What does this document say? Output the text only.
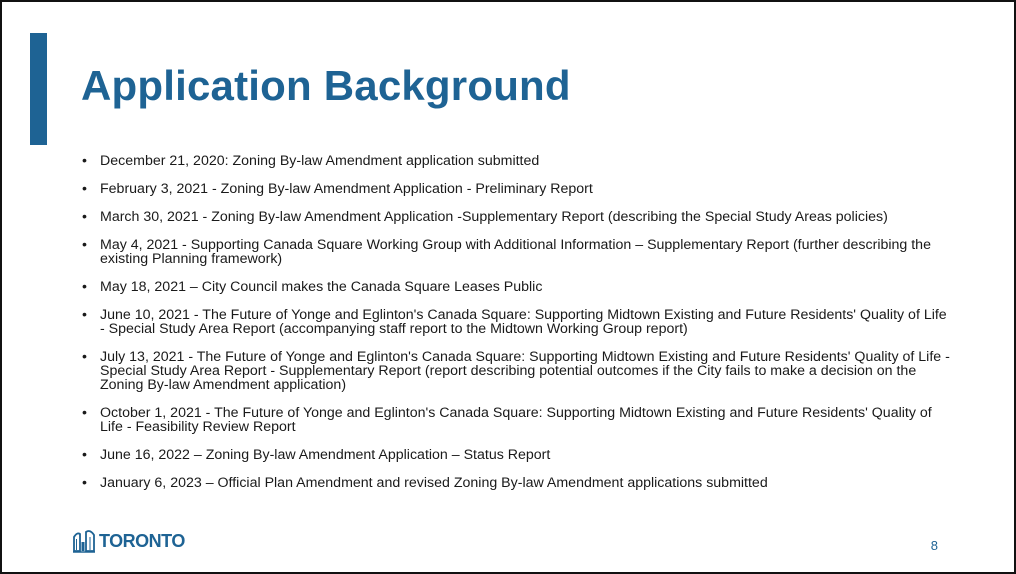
Application Background
• December 21, 2020: Zoning By-law Amendment application submitted
• February 3, 2021 - Zoning By-law Amendment Application - Preliminary Report
• March 30, 2021 - Zoning By-law Amendment Application -Supplementary Report (describing the Special Study Areas policies)
• May 4, 2021 - Supporting Canada Square Working Group with Additional Information – Supplementary Report (further describing the existing Planning framework)
• May 18, 2021 – City Council makes the Canada Square Leases Public
• June 10, 2021 - The Future of Yonge and Eglinton's Canada Square: Supporting Midtown Existing and Future Residents' Quality of Life - Special Study Area Report (accompanying staff report to the Midtown Working Group report)
• July 13, 2021 - The Future of Yonge and Eglinton's Canada Square: Supporting Midtown Existing and Future Residents' Quality of Life - Special Study Area Report - Supplementary Report (report describing potential outcomes if the City fails to make a decision on the Zoning By-law Amendment application)
• October 1, 2021 - The Future of Yonge and Eglinton's Canada Square: Supporting Midtown Existing and Future Residents' Quality of Life - Feasibility Review Report
• June 16, 2022 – Zoning By-law Amendment Application – Status Report
• January 6, 2023 – Official Plan Amendment and revised Zoning By-law Amendment applications submitted
TORONTO	8
